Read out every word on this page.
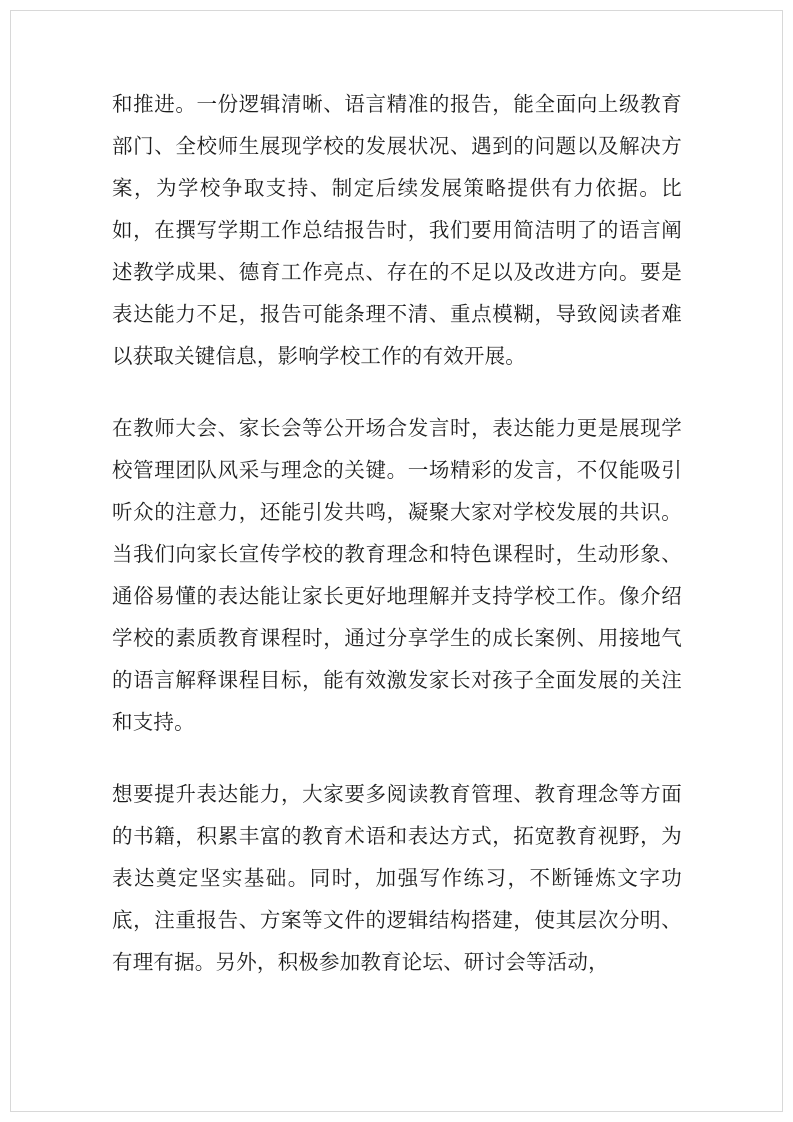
和推进。一份逻辑清晰、语言精准的报告，能全面向上级教育部门、全校师生展现学校的发展状况、遇到的问题以及解决方案，为学校争取支持、制定后续发展策略提供有力依据。比如，在撰写学期工作总结报告时，我们要用简洁明了的语言阐述教学成果、德育工作亮点、存在的不足以及改进方向。要是表达能力不足，报告可能条理不清、重点模糊，导致阅读者难以获取关键信息，影响学校工作的有效开展。

在教师大会、家长会等公开场合发言时，表达能力更是展现学校管理团队风采与理念的关键。一场精彩的发言，不仅能吸引听众的注意力，还能引发共鸣，凝聚大家对学校发展的共识。当我们向家长宣传学校的教育理念和特色课程时，生动形象、通俗易懂的表达能让家长更好地理解并支持学校工作。像介绍学校的素质教育课程时，通过分享学生的成长案例、用接地气的语言解释课程目标，能有效激发家长对孩子全面发展的关注和支持。

想要提升表达能力，大家要多阅读教育管理、教育理念等方面的书籍，积累丰富的教育术语和表达方式，拓宽教育视野，为表达奠定坚实基础。同时，加强写作练习，不断锤炼文字功底，注重报告、方案等文件的逻辑结构搭建，使其层次分明、有理有据。另外，积极参加教育论坛、研讨会等活动，
